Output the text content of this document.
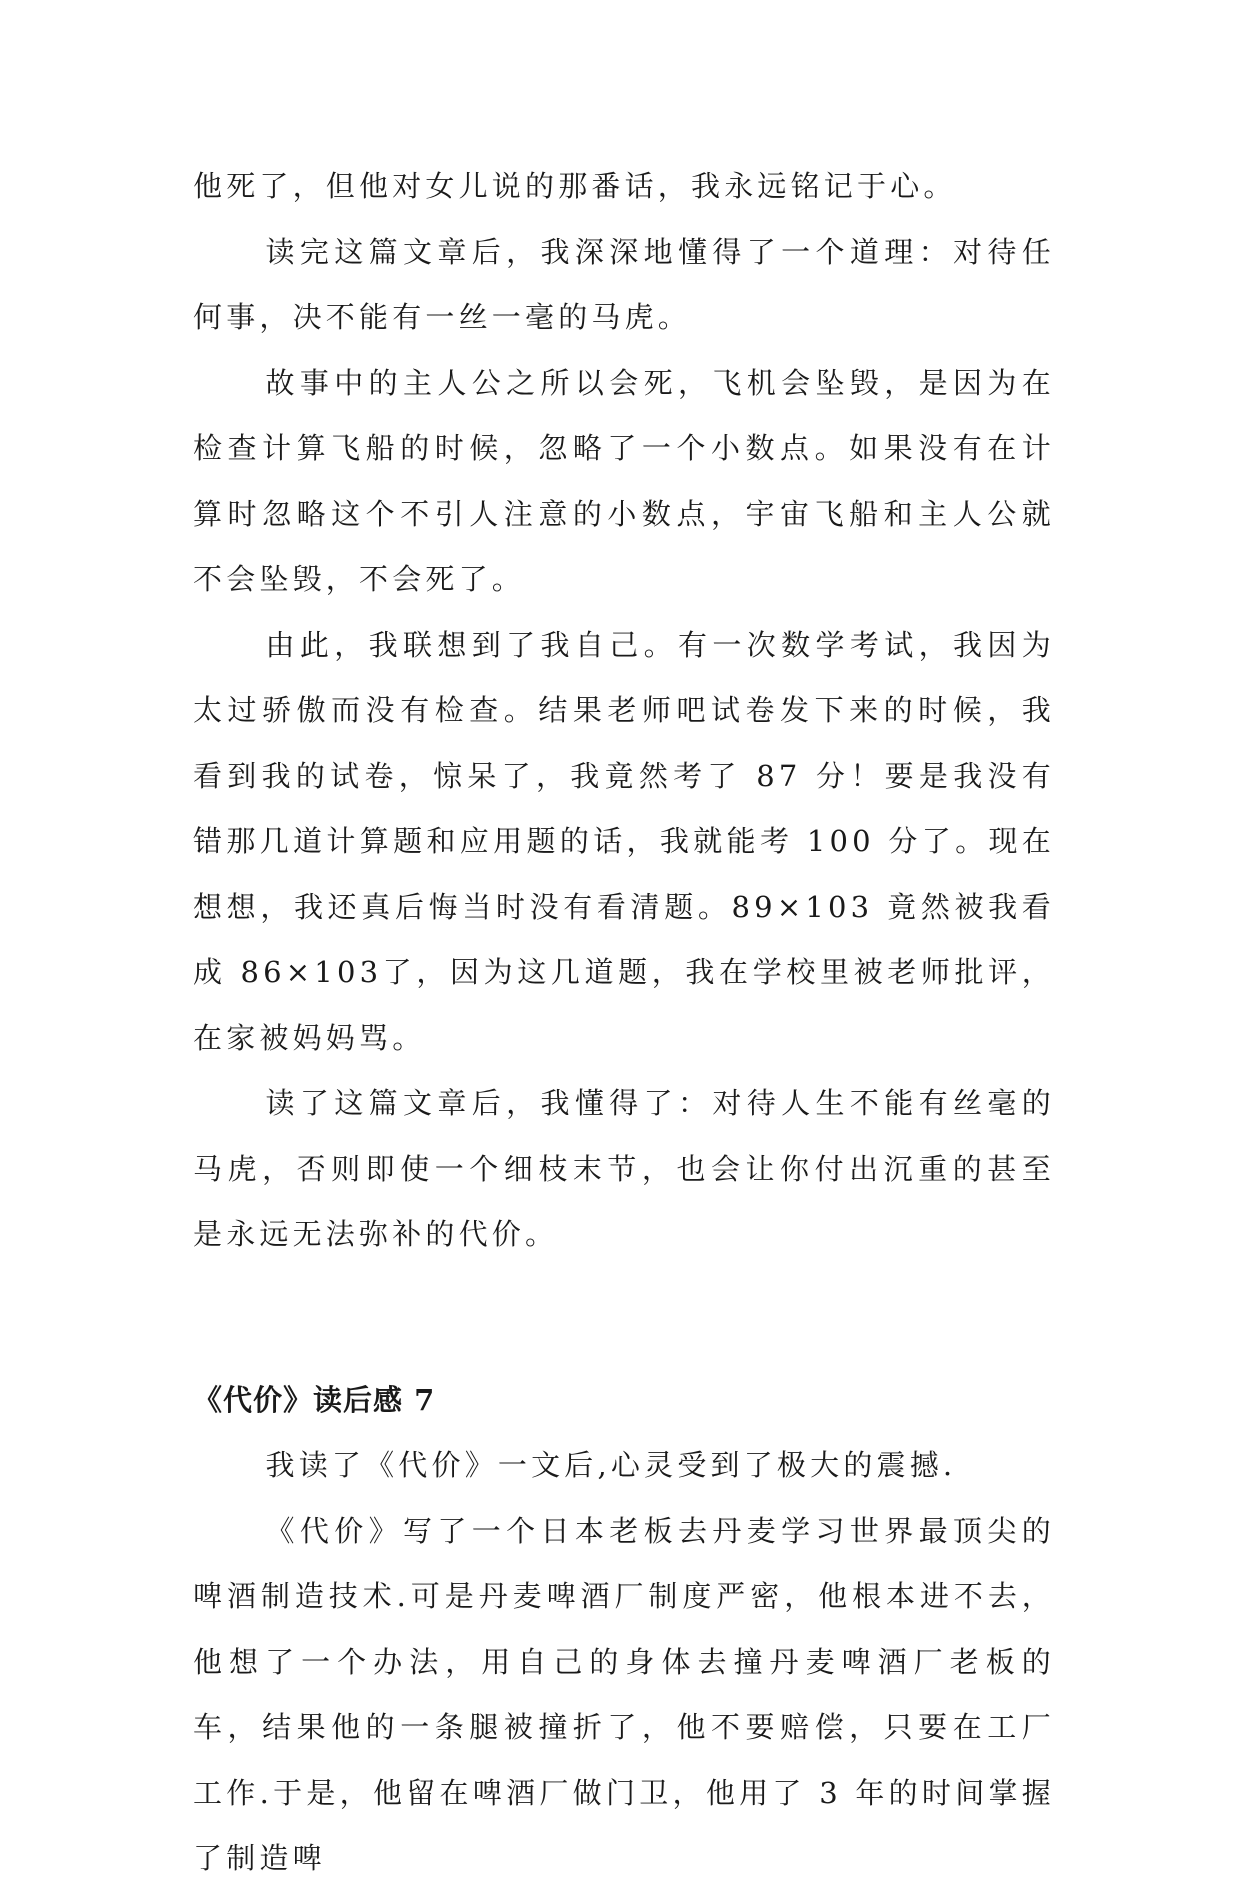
他死了，但他对女儿说的那番话，我永远铭记于心。

读完这篇文章后，我深深地懂得了一个道理：对待任何事，决不能有一丝一毫的马虎。

故事中的主人公之所以会死，飞机会坠毁，是因为在检查计算飞船的时候，忽略了一个小数点。如果没有在计算时忽略这个不引人注意的小数点，宇宙飞船和主人公就不会坠毁，不会死了。

由此，我联想到了我自己。有一次数学考试，我因为太过骄傲而没有检查。结果老师吧试卷发下来的时候，我看到我的试卷，惊呆了，我竟然考了 87 分！要是我没有错那几道计算题和应用题的话，我就能考 100 分了。现在想想，我还真后悔当时没有看清题。89×103 竟然被我看成 86×103了，因为这几道题，我在学校里被老师批评，在家被妈妈骂。

读了这篇文章后，我懂得了：对待人生不能有丝毫的马虎，否则即使一个细枝末节，也会让你付出沉重的甚至是永远无法弥补的代价。

《代价》读后感 7

我读了《代价》一文后,心灵受到了极大的震撼.

《代价》写了一个日本老板去丹麦学习世界最顶尖的啤酒制造技术.可是丹麦啤酒厂制度严密，他根本进不去，他想了一个办法，用自己的身体去撞丹麦啤酒厂老板的车，结果他的一条腿被撞折了，他不要赔偿，只要在工厂工作.于是，他留在啤酒厂做门卫，他用了 3 年的时间掌握了制造啤
